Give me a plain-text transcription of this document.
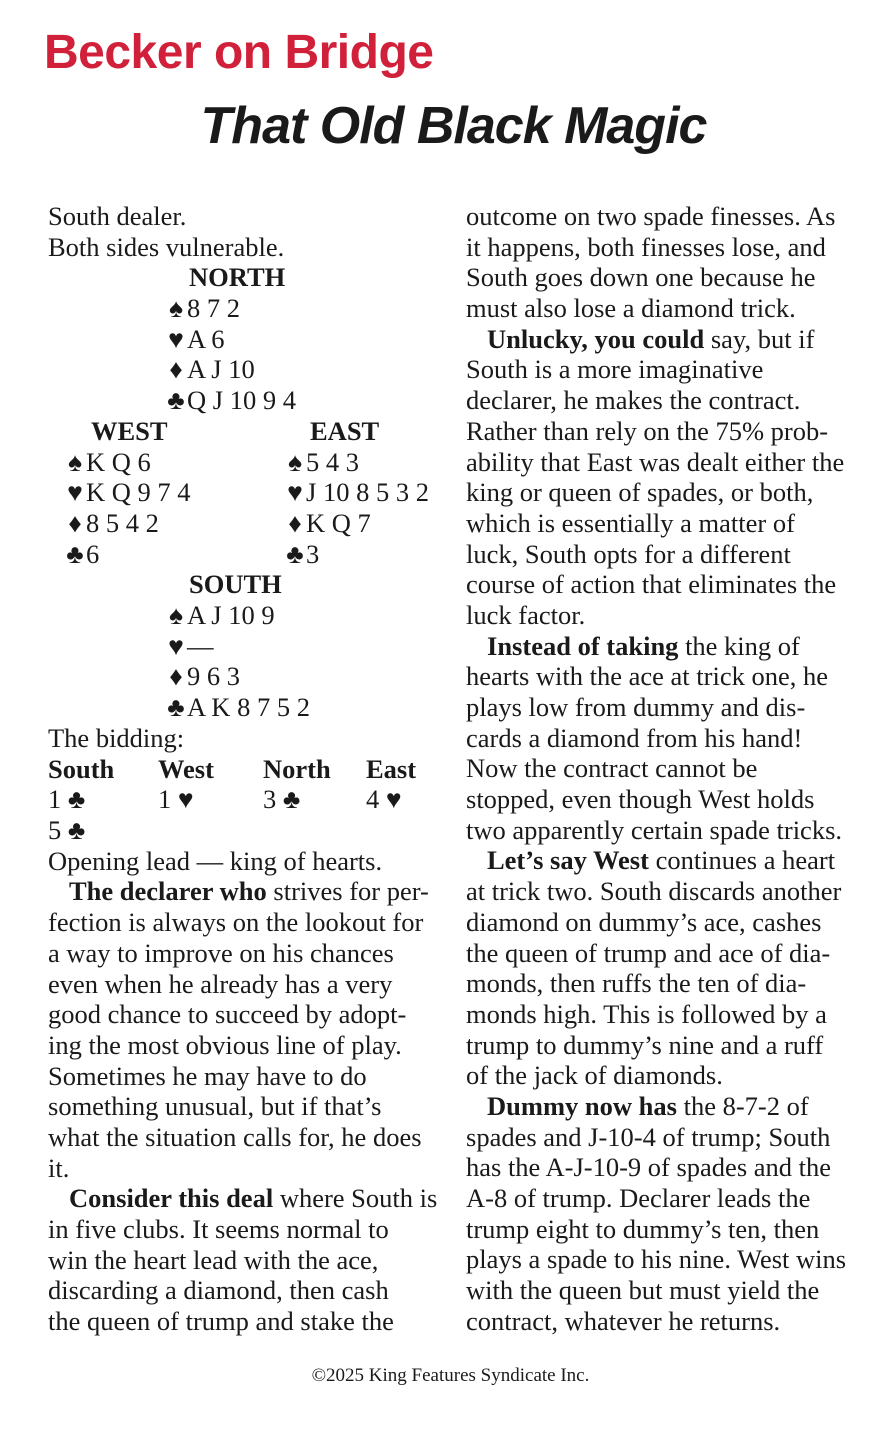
Becker on Bridge
That Old Black Magic
South dealer.
Both sides vulnerable.
NORTH
♠ 8 7 2
♥ A 6
♦ A J 10
♣Q J 10 9 4
WEST	EAST
♠ K Q 6
♥ K Q 9 7 4
♦ 8 5 4 2
♣6
♠ 5 4 3
♥ J 10 8 5 3 2
♦ K Q 7
♣3
SOUTH
♠ A J 10 9
♥ —
♦ 9 6 3
♣A K 8 7 5 2
The bidding:
South West North East
1 ♣	1 ♥	3 ♣ 4 ♥
5 ♣
Opening lead — king of hearts.
The declarer who strives for per-
fection is always on the lookout for
a way to improve on his chances
even when he already has a very
good chance to succeed by adopt-
ing the most obvious line of play.
Sometimes he may have to do
something unusual, but if that’s
what the situation calls for, he does
it.
Consider this deal where South is
in five clubs. It seems normal to
win the heart lead with the ace,
discarding a diamond, then cash
the queen of trump and stake the
outcome on two spade finesses. As
it happens, both finesses lose, and
South goes down one because he
must also lose a diamond trick.
Unlucky, you could say, but if
South is a more imaginative
declarer, he makes the contract.
Rather than rely on the 75% prob-
ability that East was dealt either the
king or queen of spades, or both,
which is essentially a matter of
luck, South opts for a different
course of action that eliminates the
luck factor.
Instead of taking the king of
hearts with the ace at trick one, he
plays low from dummy and dis-
cards a diamond from his hand!
Now the contract cannot be
stopped, even though West holds
two apparently certain spade tricks.
Let’s say West continues a heart
at trick two. South discards another
diamond on dummy’s ace, cashes
the queen of trump and ace of dia-
monds, then ruffs the ten of dia-
monds high. This is followed by a
trump to dummy’s nine and a ruff
of the jack of diamonds.
Dummy now has the 8-7-2 of
spades and J-10-4 of trump; South
has the A-J-10-9 of spades and the
A-8 of trump. Declarer leads the
trump eight to dummy’s ten, then
plays a spade to his nine. West wins
with the queen but must yield the
contract, whatever he returns.
©2025 King Features Syndicate Inc.
